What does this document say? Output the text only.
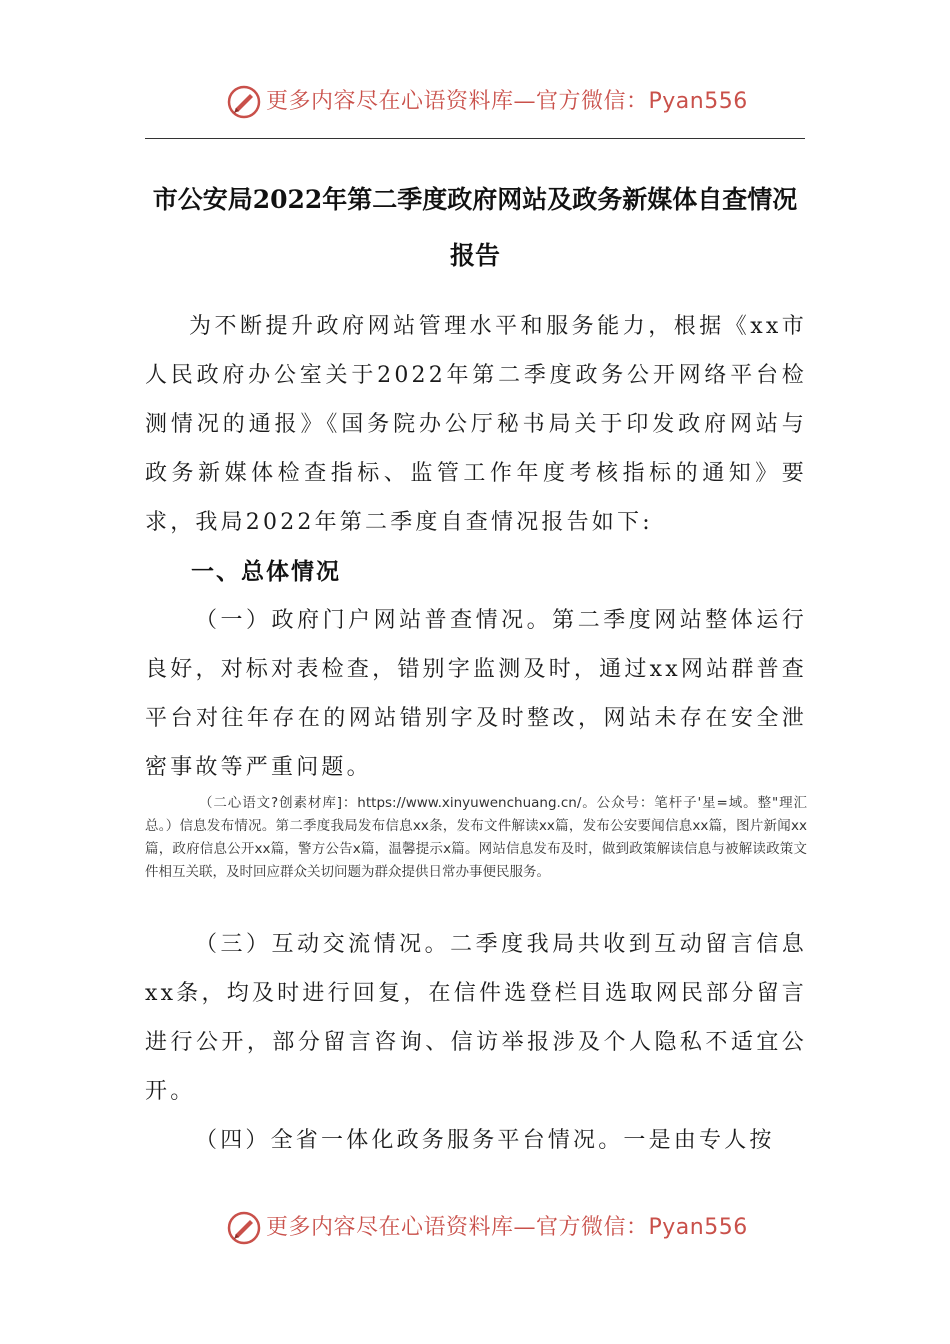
更多内容尽在心语资料库—官方微信：Pyan556
市公安局2022年第二季度政府网站及政务新媒体自查情况
报告
为不断提升政府网站管理水平和服务能力，根据《xx市人民政府办公室关于2022年第二季度政务公开网络平台检测情况的通报》《国务院办公厅秘书局关于印发政府网站与政务新媒体检查指标、监管工作年度考核指标的通知》要求，我局2022年第二季度自查情况报告如下:
一、总体情况
（一）政府门户网站普查情况。第二季度网站整体运行良好，对标对表检查，错别字监测及时，通过xx网站群普查平台对往年存在的网站错别字及时整改，网站未存在安全泄密事故等严重问题。
（二心语文?创素材库]：https://www.xinyuwenchuang.cn/。公众号：笔杆子'星=域。整"理汇总。）信息发布情况。第二季度我局发布信息xx条，发布文件解读xx篇，发布公安要闻信息xx篇，图片新闻xx篇，政府信息公开xx篇，警方公告x篇，温馨提示x篇。网站信息发布及时，做到政策解读信息与被解读政策文件相互关联，及时回应群众关切问题为群众提供日常办事便民服务。
（三）互动交流情况。二季度我局共收到互动留言信息xx条，均及时进行回复，在信件选登栏目选取网民部分留言进行公开，部分留言咨询、信访举报涉及个人隐私不适宜公开。
（四）全省一体化政务服务平台情况。一是由专人按
更多内容尽在心语资料库—官方微信：Pyan556
